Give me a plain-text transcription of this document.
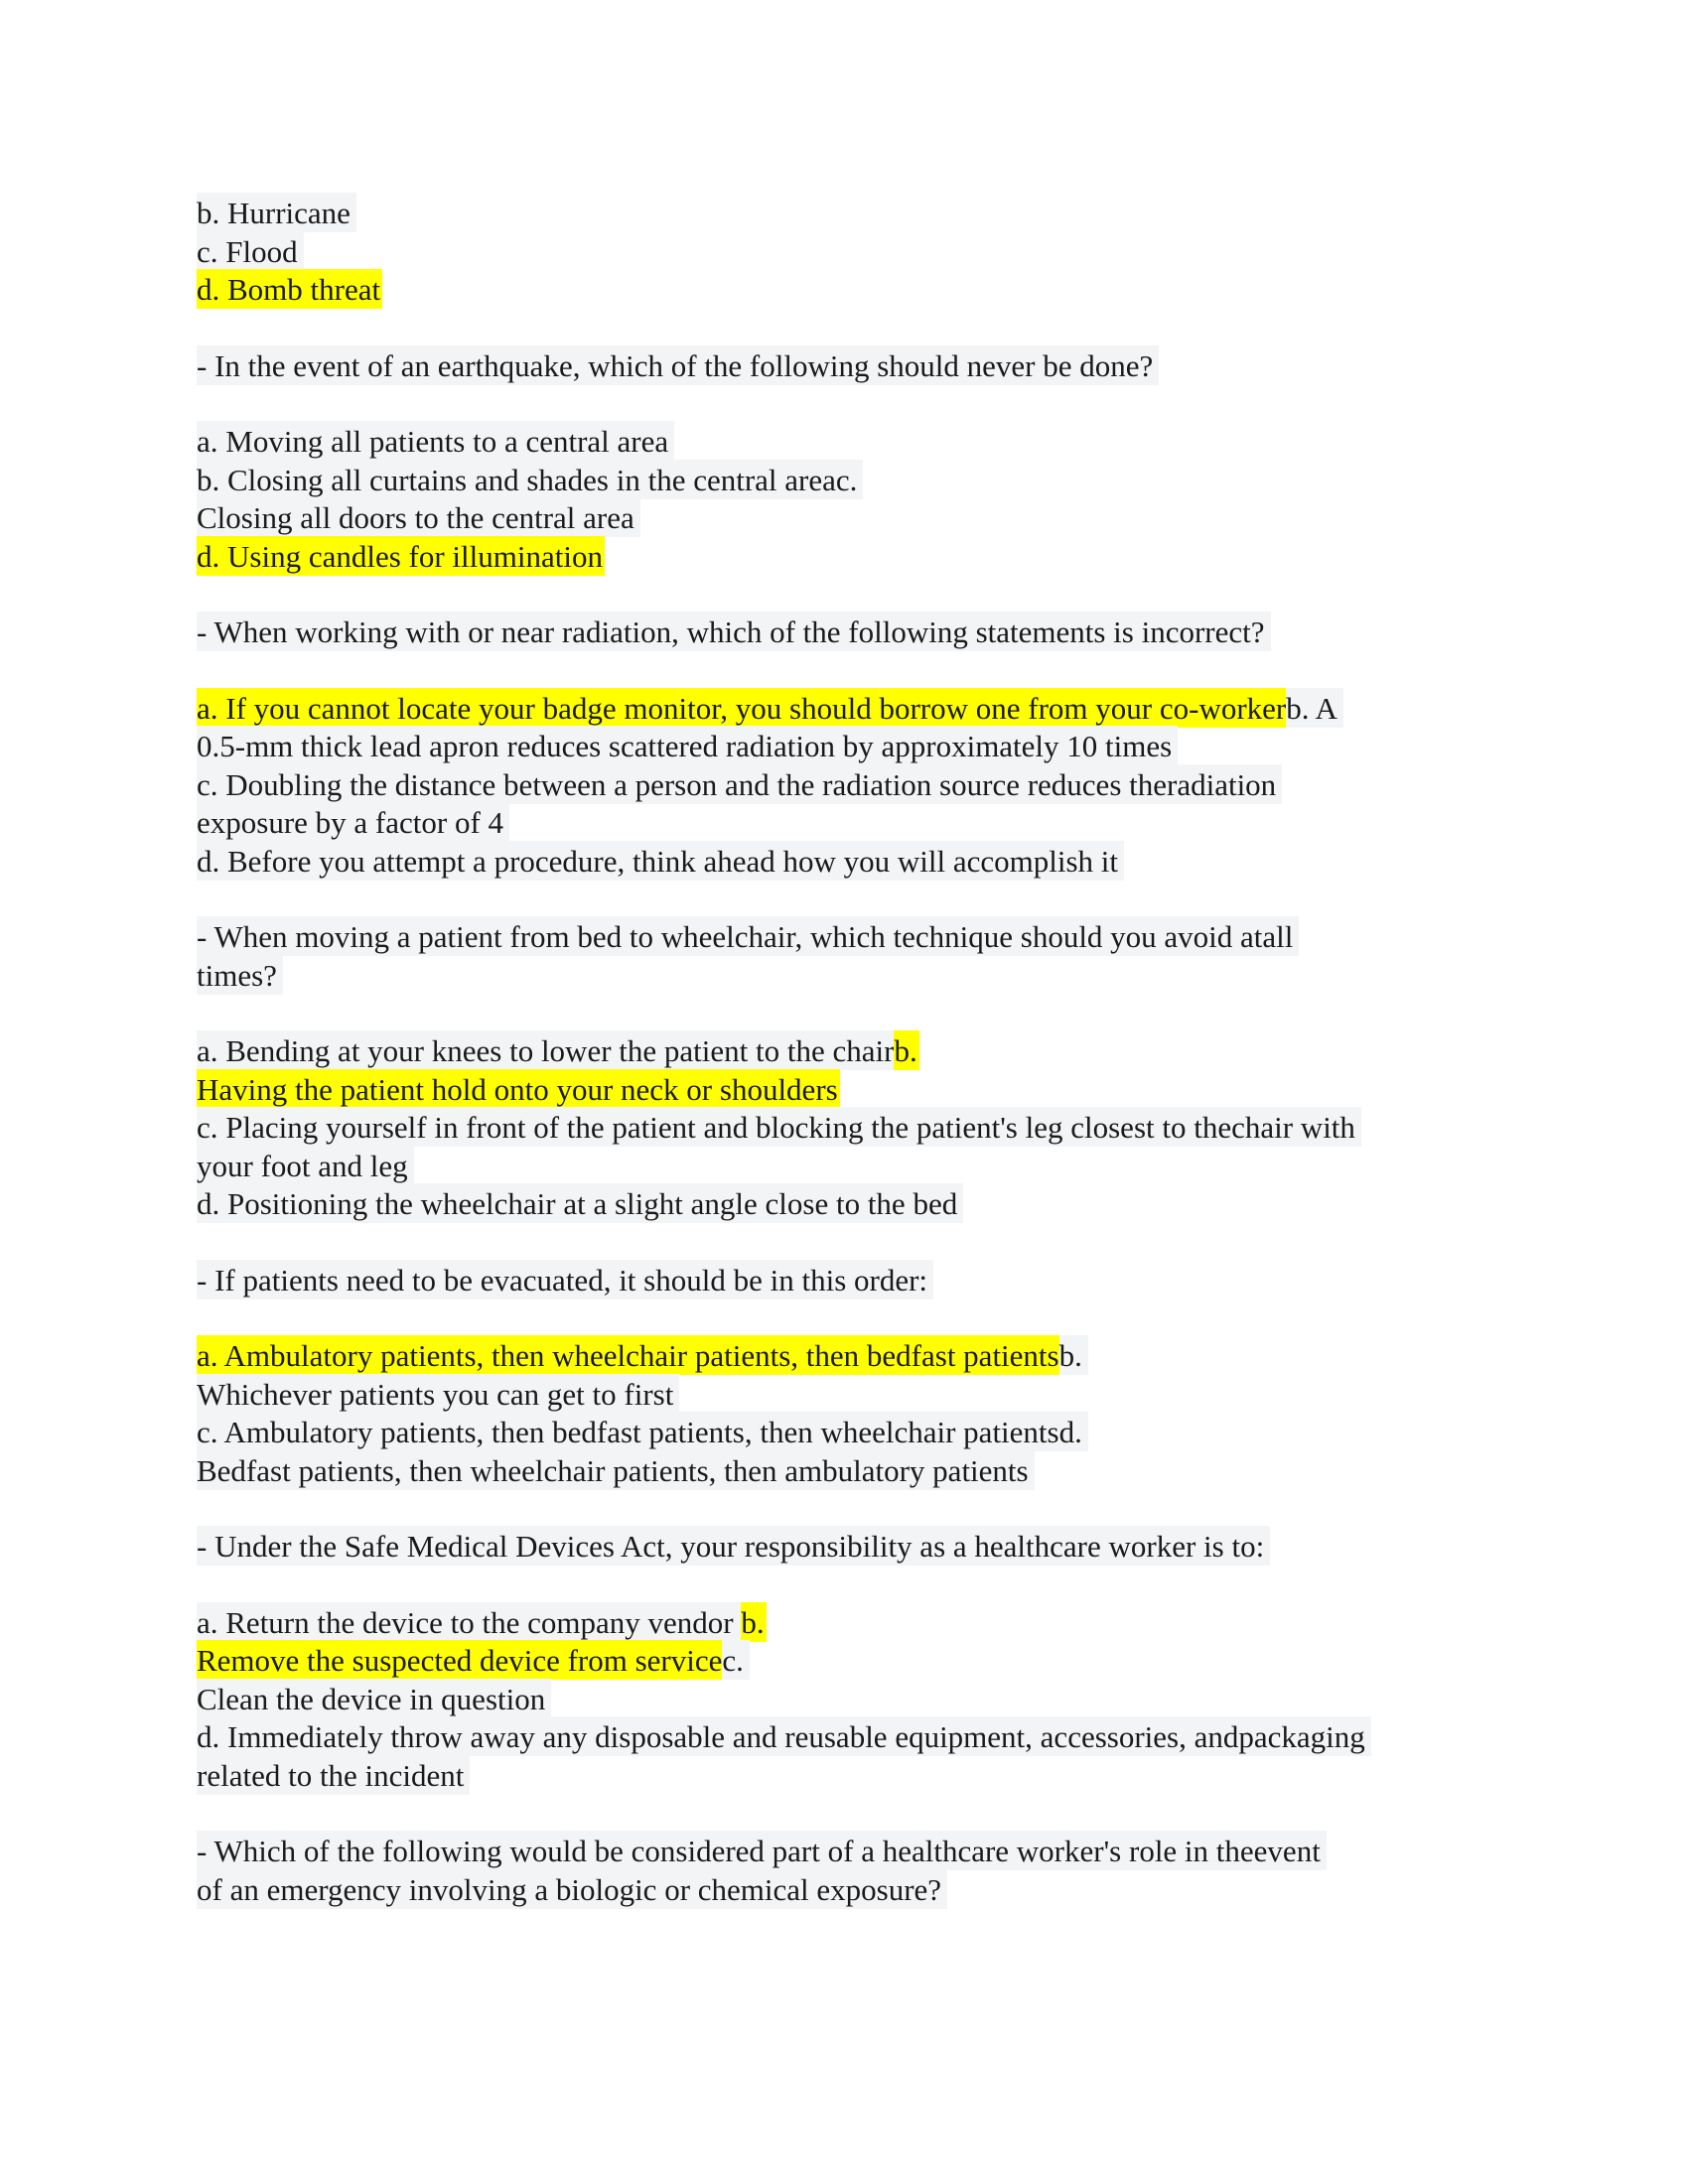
b. Hurricane
c. Flood
d. Bomb threat
- In the event of an earthquake, which of the following should never be done?
a. Moving all patients to a central area
b. Closing all curtains and shades in the central areac.
Closing all doors to the central area
d. Using candles for illumination
- When working with or near radiation, which of the following statements is incorrect?
a. If you cannot locate your badge monitor, you should borrow one from your co-workerb. A
0.5-mm thick lead apron reduces scattered radiation by approximately 10 times
c. Doubling the distance between a person and the radiation source reduces theradiation
exposure by a factor of 4
d. Before you attempt a procedure, think ahead how you will accomplish it
- When moving a patient from bed to wheelchair, which technique should you avoid atall
times?
a. Bending at your knees to lower the patient to the chairb.
Having the patient hold onto your neck or shoulders
c. Placing yourself in front of the patient and blocking the patient's leg closest to thechair with
your foot and leg
d. Positioning the wheelchair at a slight angle close to the bed
- If patients need to be evacuated, it should be in this order:
a. Ambulatory patients, then wheelchair patients, then bedfast patientsb.
Whichever patients you can get to first
c. Ambulatory patients, then bedfast patients, then wheelchair patientsd.
Bedfast patients, then wheelchair patients, then ambulatory patients
- Under the Safe Medical Devices Act, your responsibility as a healthcare worker is to:
a. Return the device to the company vendor b.
Remove the suspected device from servicec.
Clean the device in question
d. Immediately throw away any disposable and reusable equipment, accessories, andpackaging
related to the incident
- Which of the following would be considered part of a healthcare worker's role in theevent
of an emergency involving a biologic or chemical exposure?
